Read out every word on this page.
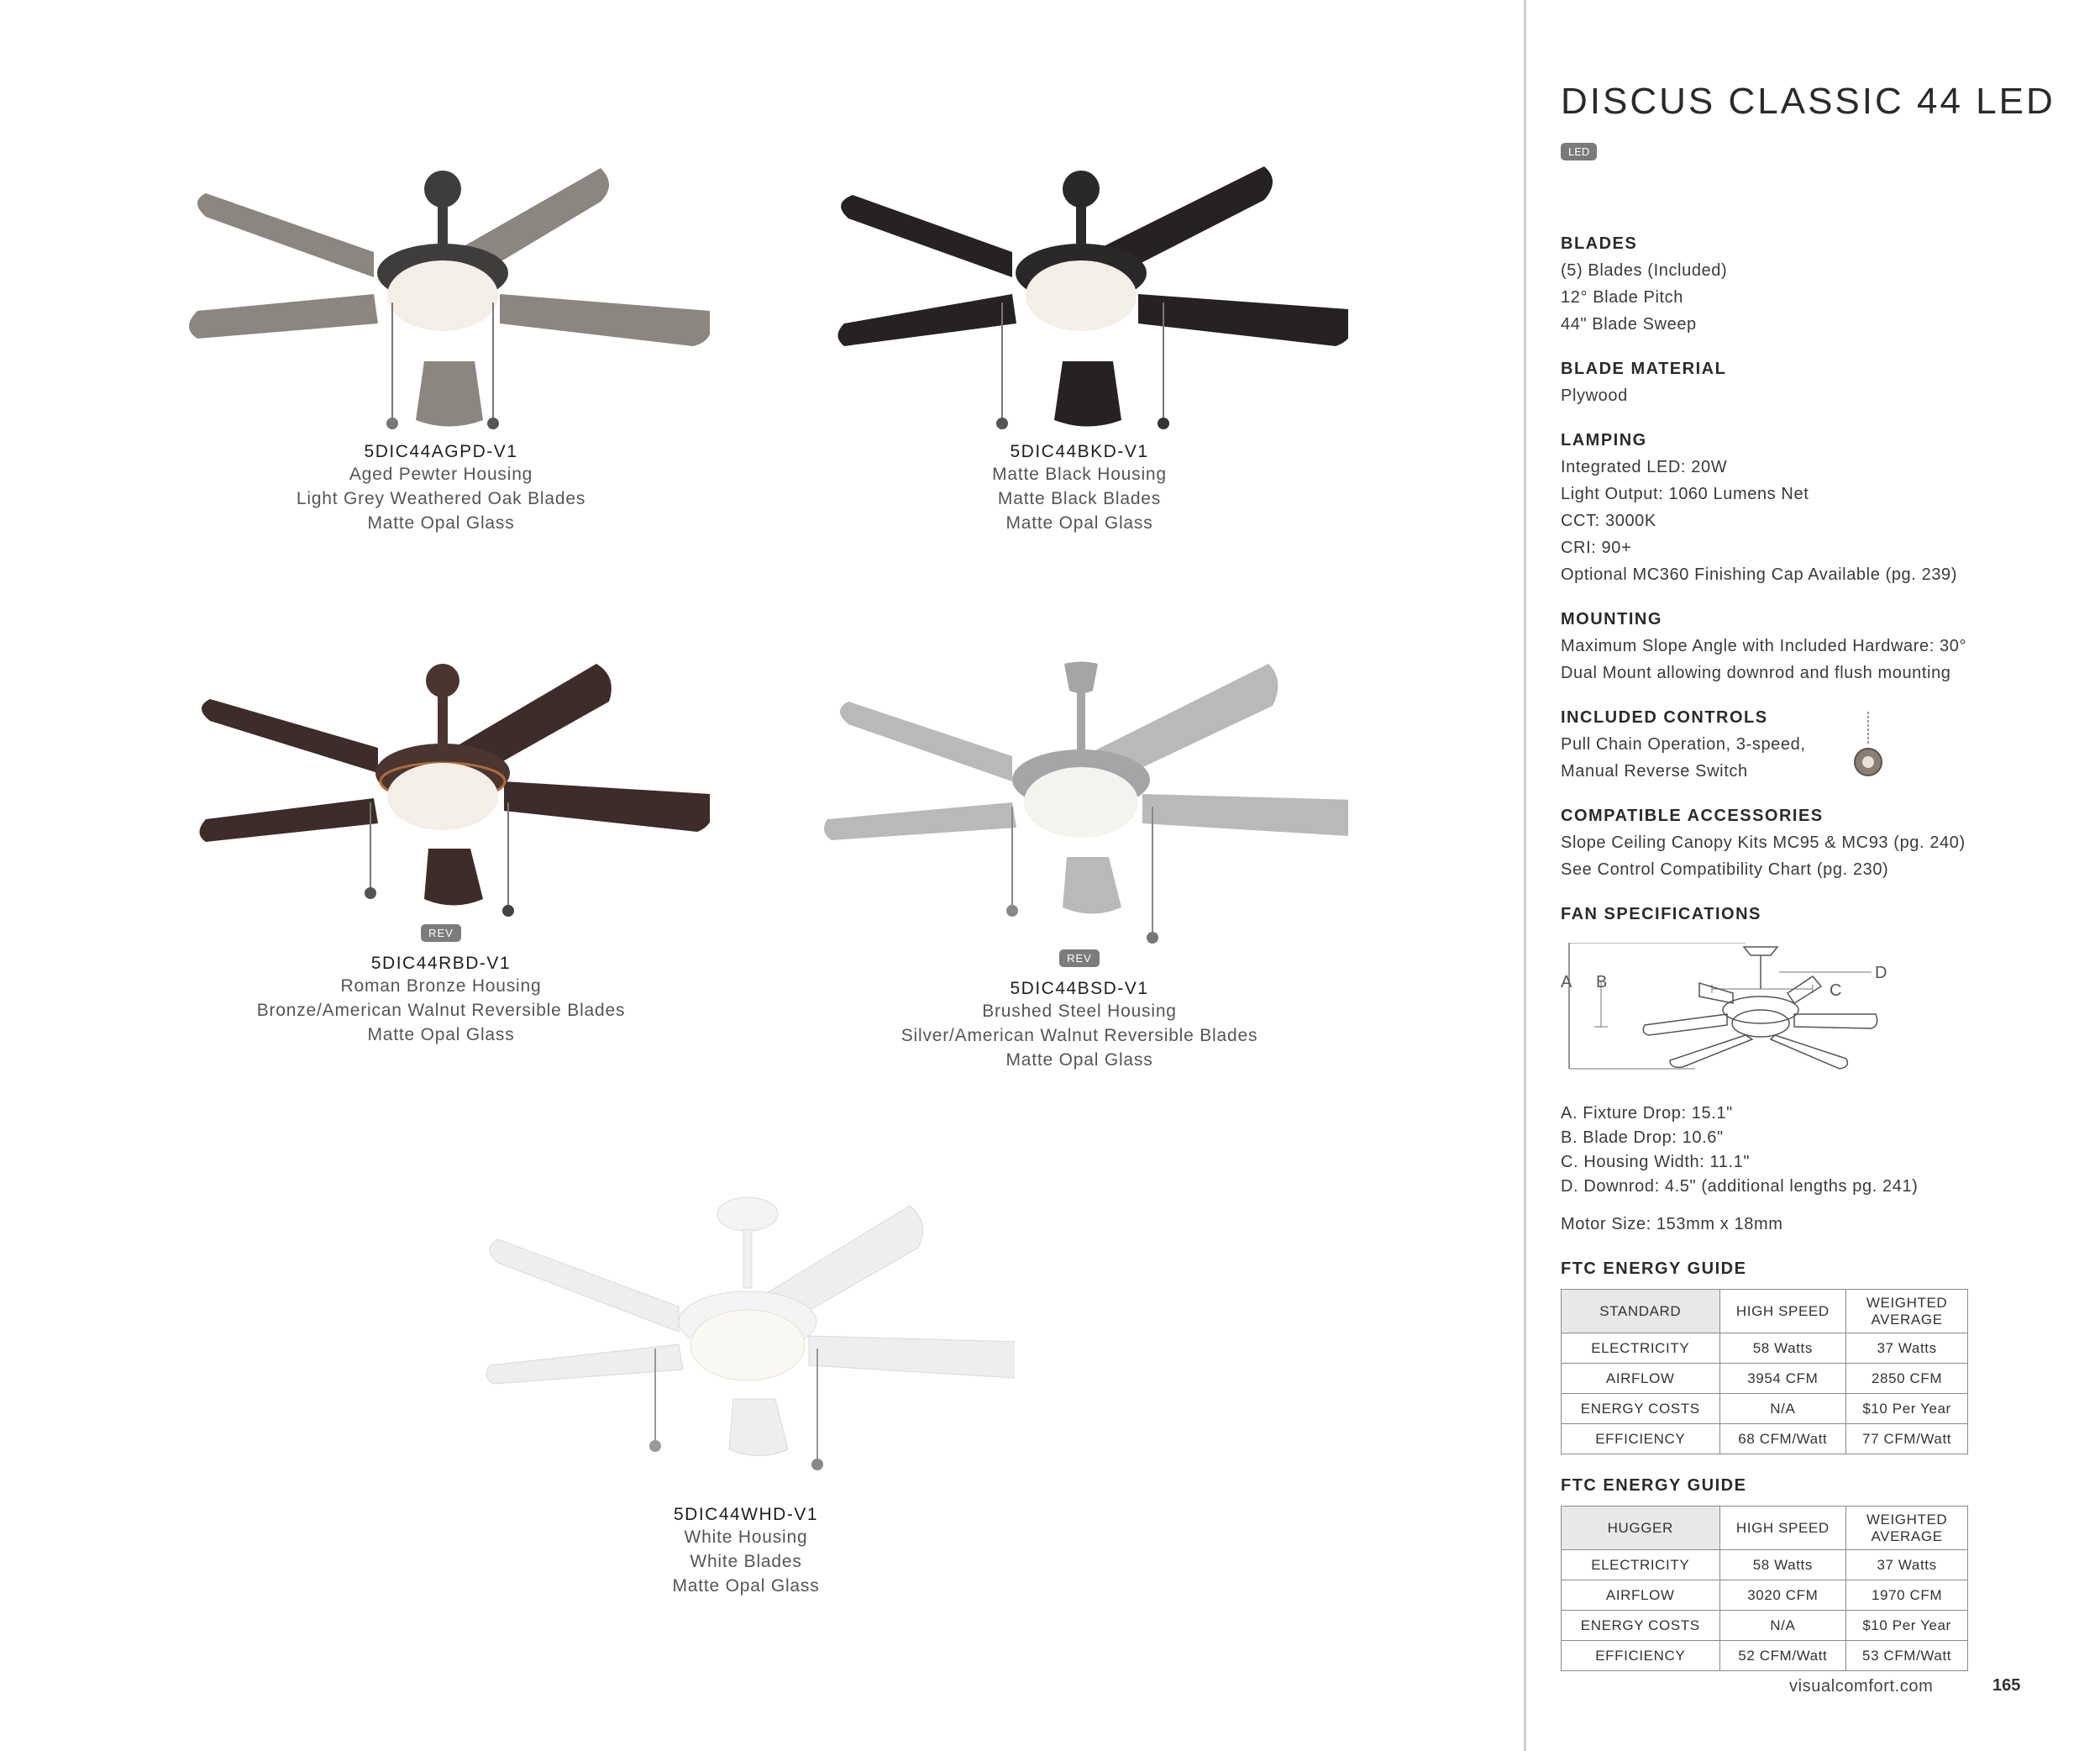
5DIC44AGPD-V1
Aged Pewter Housing
Light Grey Weathered Oak Blades
Matte Opal Glass
5DIC44BKD-V1
Matte Black Housing
Matte Black Blades
Matte Opal Glass
REV
5DIC44RBD-V1
Roman Bronze Housing
Bronze/American Walnut Reversible Blades
Matte Opal Glass
REV
5DIC44BSD-V1
Brushed Steel Housing
Silver/American Walnut Reversible Blades
Matte Opal Glass
5DIC44WHD-V1
White Housing
White Blades
Matte Opal Glass
DISCUS CLASSIC 44 LED
LED
BLADES
(5) Blades (Included)
12° Blade Pitch
44" Blade Sweep
BLADE MATERIAL
Plywood
LAMPING
Integrated LED: 20W
Light Output: 1060 Lumens Net
CCT: 3000K
CRI: 90+
Optional MC360 Finishing Cap Available (pg. 239)
MOUNTING
Maximum Slope Angle with Included Hardware: 30°
Dual Mount allowing downrod and flush mounting
INCLUDED CONTROLS
Pull Chain Operation, 3-speed,
Manual Reverse Switch
COMPATIBLE ACCESSORIES
Slope Ceiling Canopy Kits MC95 & MC93 (pg. 240)
See Control Compatibility Chart (pg. 230)
FAN SPECIFICATIONS
A B	D
C
A. Fixture Drop: 15.1"
B. Blade Drop: 10.6"
C. Housing Width: 11.1"
D. Downrod: 4.5" (additional lengths pg. 241)
Motor Size: 153mm x 18mm
FTC ENERGY GUIDE
STANDARD	HIGH SPEED	WEIGHTED
AVERAGE
ELECTRICITY	58 Watts	37 Watts
AIRFLOW	3954 CFM	2850 CFM
ENERGY COSTS	N/A	$10 Per Year
EFFICIENCY	68 CFM/Watt	77 CFM/Watt
FTC ENERGY GUIDE
HUGGER	HIGH SPEED	WEIGHTED
AVERAGE
ELECTRICITY	58 Watts	37 Watts
AIRFLOW	3020 CFM	1970 CFM
ENERGY COSTS	N/A	$10 Per Year
EFFICIENCY	52 CFM/Watt	53 CFM/Watt
visualcomfort.com	165
